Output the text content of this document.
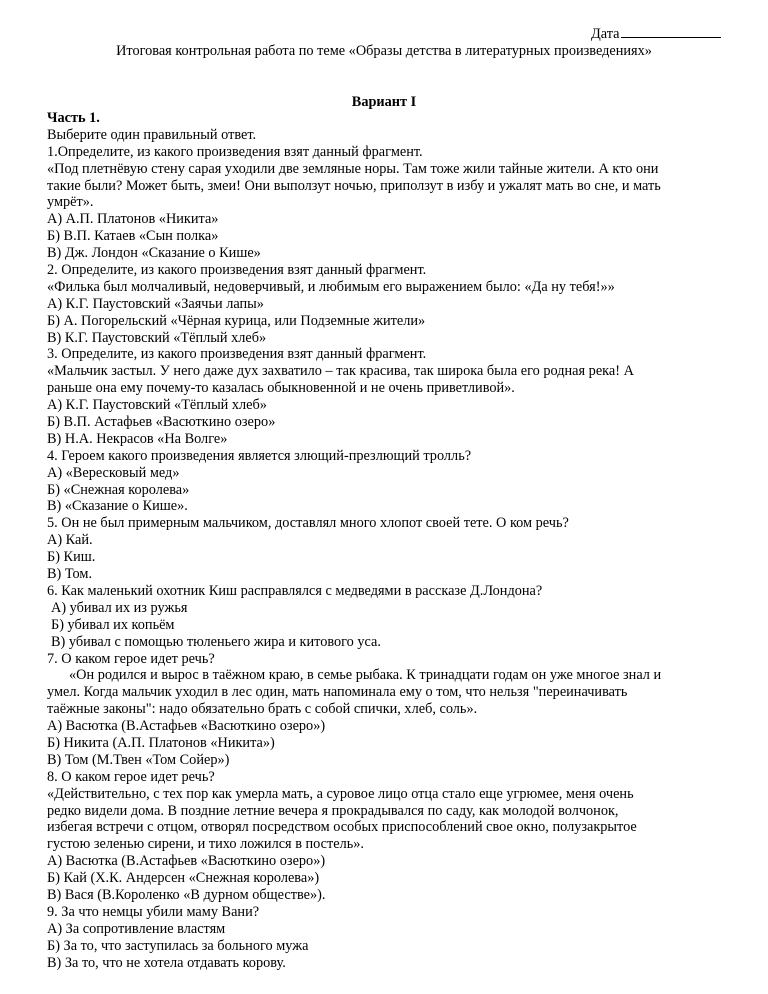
Дата
Итоговая контрольная работа по теме «Образы детства в литературных произведениях»
Вариант I
Часть 1.
Выберите один правильный ответ.
1.Определите, из какого произведения взят данный фрагмент.
«Под плетнёвую стену сарая уходили две земляные норы. Там тоже жили тайные жители. А кто они
такие были? Может быть, змеи! Они выползут ночью, приползут в избу и ужалят мать во сне, и мать
умрёт».
А) А.П. Платонов «Никита»
Б) В.П. Катаев «Сын полка»
В) Дж. Лондон «Сказание о Кише»
2. Определите, из какого произведения взят данный фрагмент.
«Филька был молчаливый, недоверчивый, и любимым его выражением было: «Да ну тебя!»»
А) К.Г. Паустовский «Заячьи лапы»
Б) А. Погорельский «Чёрная курица, или Подземные жители»
В) К.Г. Паустовский «Тёплый хлеб»
3. Определите, из какого произведения взят данный фрагмент.
«Мальчик застыл. У него даже дух захватило – так красива, так широка была его родная река! А
раньше она ему почему-то казалась обыкновенной и не очень приветливой».
А) К.Г. Паустовский «Тёплый хлеб»
Б) В.П. Астафьев «Васюткино озеро»
В) Н.А. Некрасов «На Волге»
4. Героем какого произведения является злющий-презлющий тролль?
А) «Вересковый мед»
Б) «Снежная королева»
В) «Сказание о Кише».
5. Он не был примерным мальчиком, доставлял много хлопот своей тете. О ком речь?
А) Кай.
Б) Киш.
В) Том.
6. Как маленький охотник Киш расправлялся с медведями в рассказе Д.Лондона?
А) убивал их из ружья
Б) убивал их копьём
В) убивал с помощью тюленьего жира и китового уса.
7. О каком герое идет речь?
«Он родился и вырос в таёжном краю, в семье рыбака. К тринадцати годам он уже многое знал и
умел. Когда мальчик уходил в лес один, мать напоминала ему о том, что нельзя "переиначивать
таёжные законы": надо обязательно брать с собой спички, хлеб, соль».
А) Васютка (В.Астафьев «Васюткино озеро»)
Б) Никита (А.П. Платонов «Никита»)
В) Том (М.Твен «Том Сойер»)
8. О каком герое идет речь?
«Действительно, с тех пор как умерла мать, а суровое лицо отца стало еще угрюмее, меня очень
редко видели дома. В поздние летние вечера я прокрадывался по саду, как молодой волчонок,
избегая встречи с отцом, отворял посредством особых приспособлений свое окно, полузакрытое
густою зеленью сирени, и тихо ложился в постель».
А) Васютка (В.Астафьев «Васюткино озеро»)
Б) Кай (Х.К. Андерсен «Снежная королева»)
В) Вася (В.Короленко «В дурном обществе»).
9. За что немцы убили маму Вани?
А) За сопротивление властям
Б) За то, что заступилась за больного мужа
В) За то, что не хотела отдавать корову.
